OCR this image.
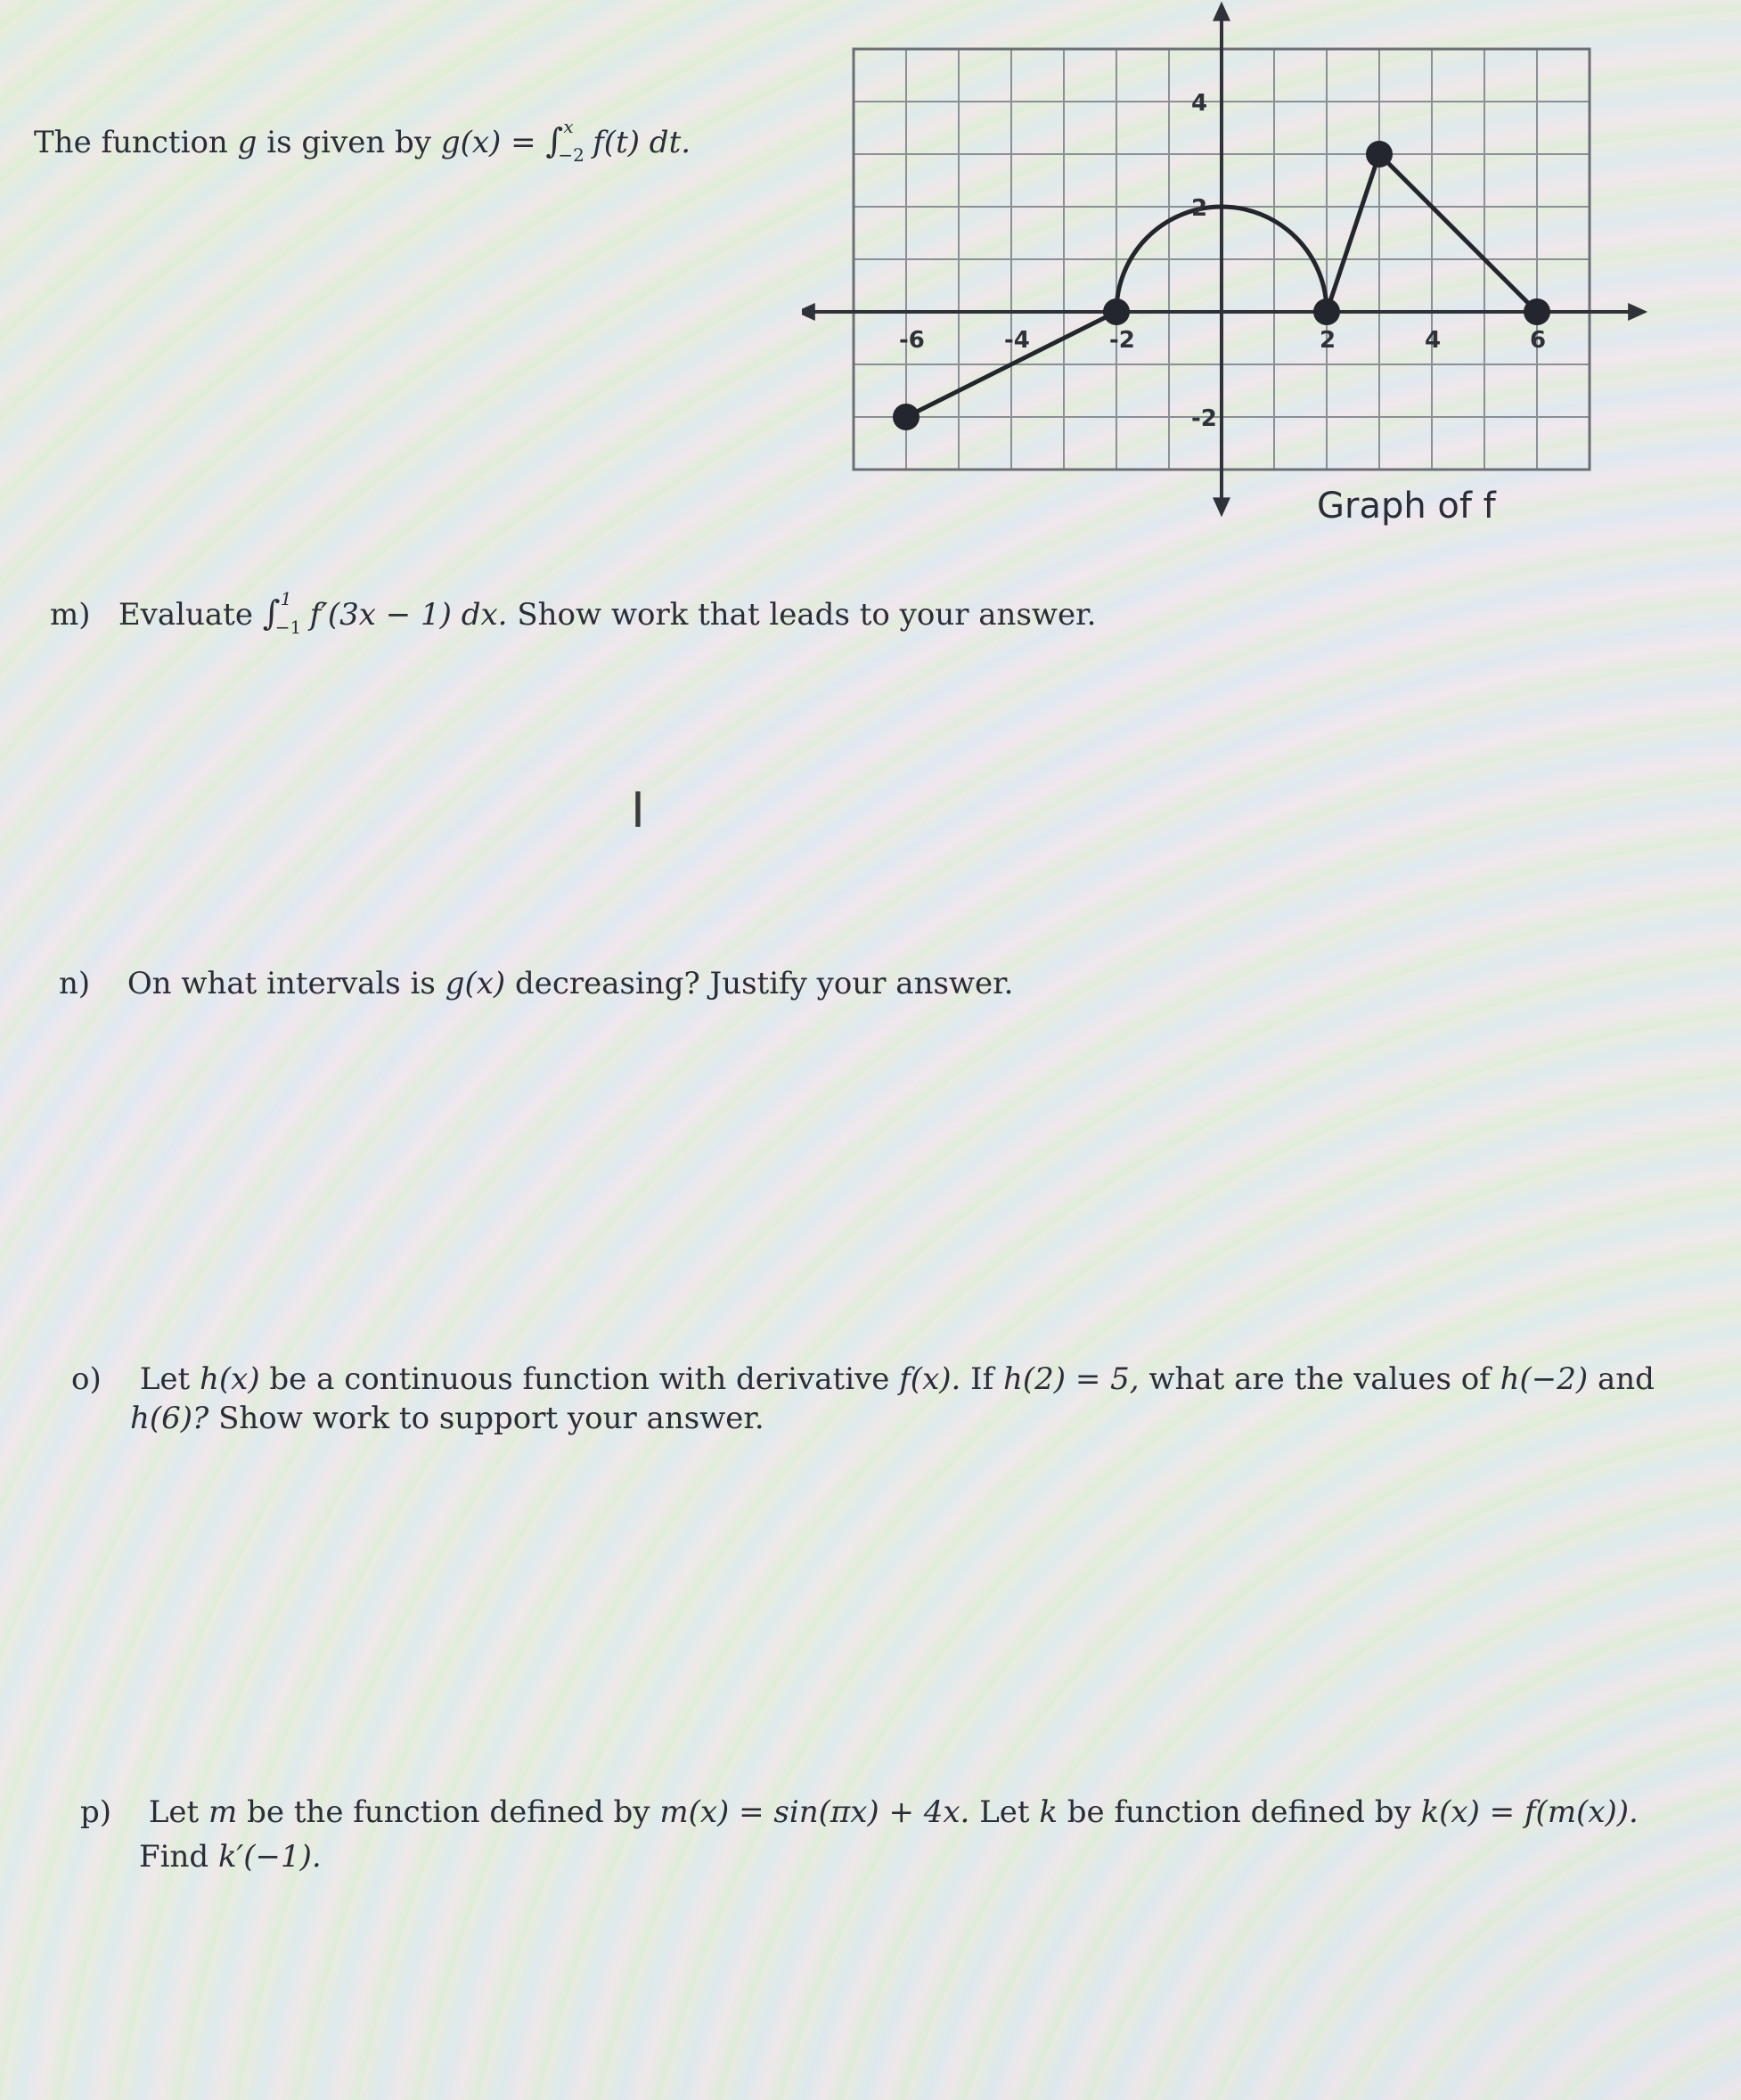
The function g is given by g(x) = ∫ x
−2 f(t) dt.
-6	-4	-2	2	4	6
4
2
-2
Graph of f
m) Evaluate ∫ 1
−1 f′(3x − 1) dx. Show work that leads to your answer.
I
n) On what intervals is g(x) decreasing? Justify your answer.
o) Let h(x) be a continuous function with derivative f(x). If h(2) = 5, what are the values of h(−2) and
h(6)? Show work to support your answer.
p) Let m be the function defined by m(x) = sin(πx) + 4x. Let k be function defined by k(x) = f(m(x)).
Find k′(−1).
